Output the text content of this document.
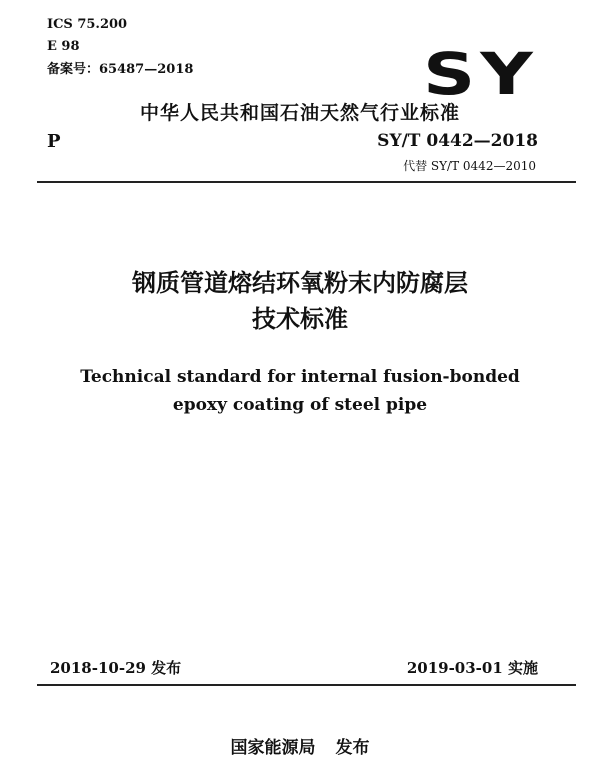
ICS 75.200
E 98
备案号：65487—2018	SY
中华人民共和国石油天然气行业标准
P	SY/T 0442—2018
代替 SY/T 0442—2010
钢质管道熔结环氧粉末内防腐层
技术标准
Technical standard for internal fusion-bonded
epoxy coating of steel pipe
2018-10-29 发布	2019-03-01 实施
国家能源局 发布
